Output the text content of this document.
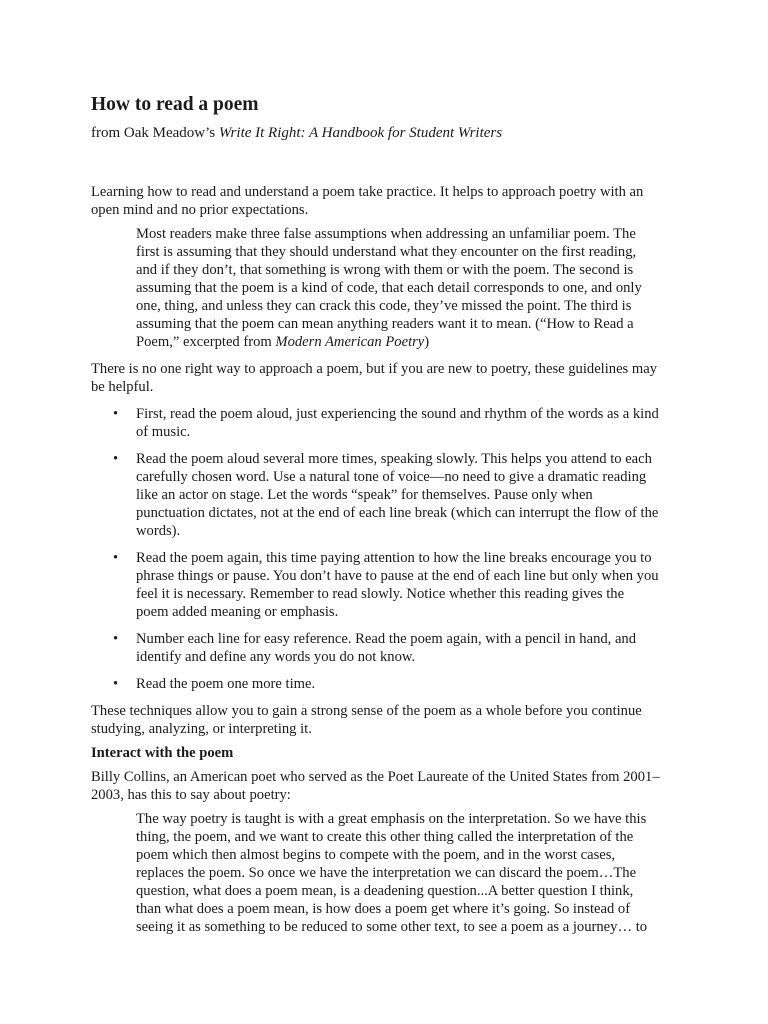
How to read a poem
from Oak Meadow’s Write It Right: A Handbook for Student Writers

Learning how to read and understand a poem take practice. It helps to approach poetry with an open mind and no prior expectations.

Most readers make three false assumptions when addressing an unfamiliar poem. The first is assuming that they should understand what they encounter on the first reading, and if they don’t, that something is wrong with them or with the poem. The second is assuming that the poem is a kind of code, that each detail corresponds to one, and only one, thing, and unless they can crack this code, they’ve missed the point. The third is assuming that the poem can mean anything readers want it to mean. (“How to Read a Poem,” excerpted from Modern American Poetry)

There is no one right way to approach a poem, but if you are new to poetry, these guidelines may be helpful.

• First, read the poem aloud, just experiencing the sound and rhythm of the words as a kind of music.
• Read the poem aloud several more times, speaking slowly. This helps you attend to each carefully chosen word. Use a natural tone of voice—no need to give a dramatic reading like an actor on stage. Let the words “speak” for themselves. Pause only when punctuation dictates, not at the end of each line break (which can interrupt the flow of the words).
• Read the poem again, this time paying attention to how the line breaks encourage you to phrase things or pause. You don’t have to pause at the end of each line but only when you feel it is necessary. Remember to read slowly. Notice whether this reading gives the poem added meaning or emphasis.
• Number each line for easy reference. Read the poem again, with a pencil in hand, and identify and define any words you do not know.
• Read the poem one more time.

These techniques allow you to gain a strong sense of the poem as a whole before you continue studying, analyzing, or interpreting it.

Interact with the poem

Billy Collins, an American poet who served as the Poet Laureate of the United States from 2001–2003, has this to say about poetry:

The way poetry is taught is with a great emphasis on the interpretation. So we have this thing, the poem, and we want to create this other thing called the interpretation of the poem which then almost begins to compete with the poem, and in the worst cases, replaces the poem. So once we have the interpretation we can discard the poem…The question, what does a poem mean, is a deadening question...A better question I think, than what does a poem mean, is how does a poem get where it’s going. So instead of seeing it as something to be reduced to some other text, to see a poem as a journey… to
